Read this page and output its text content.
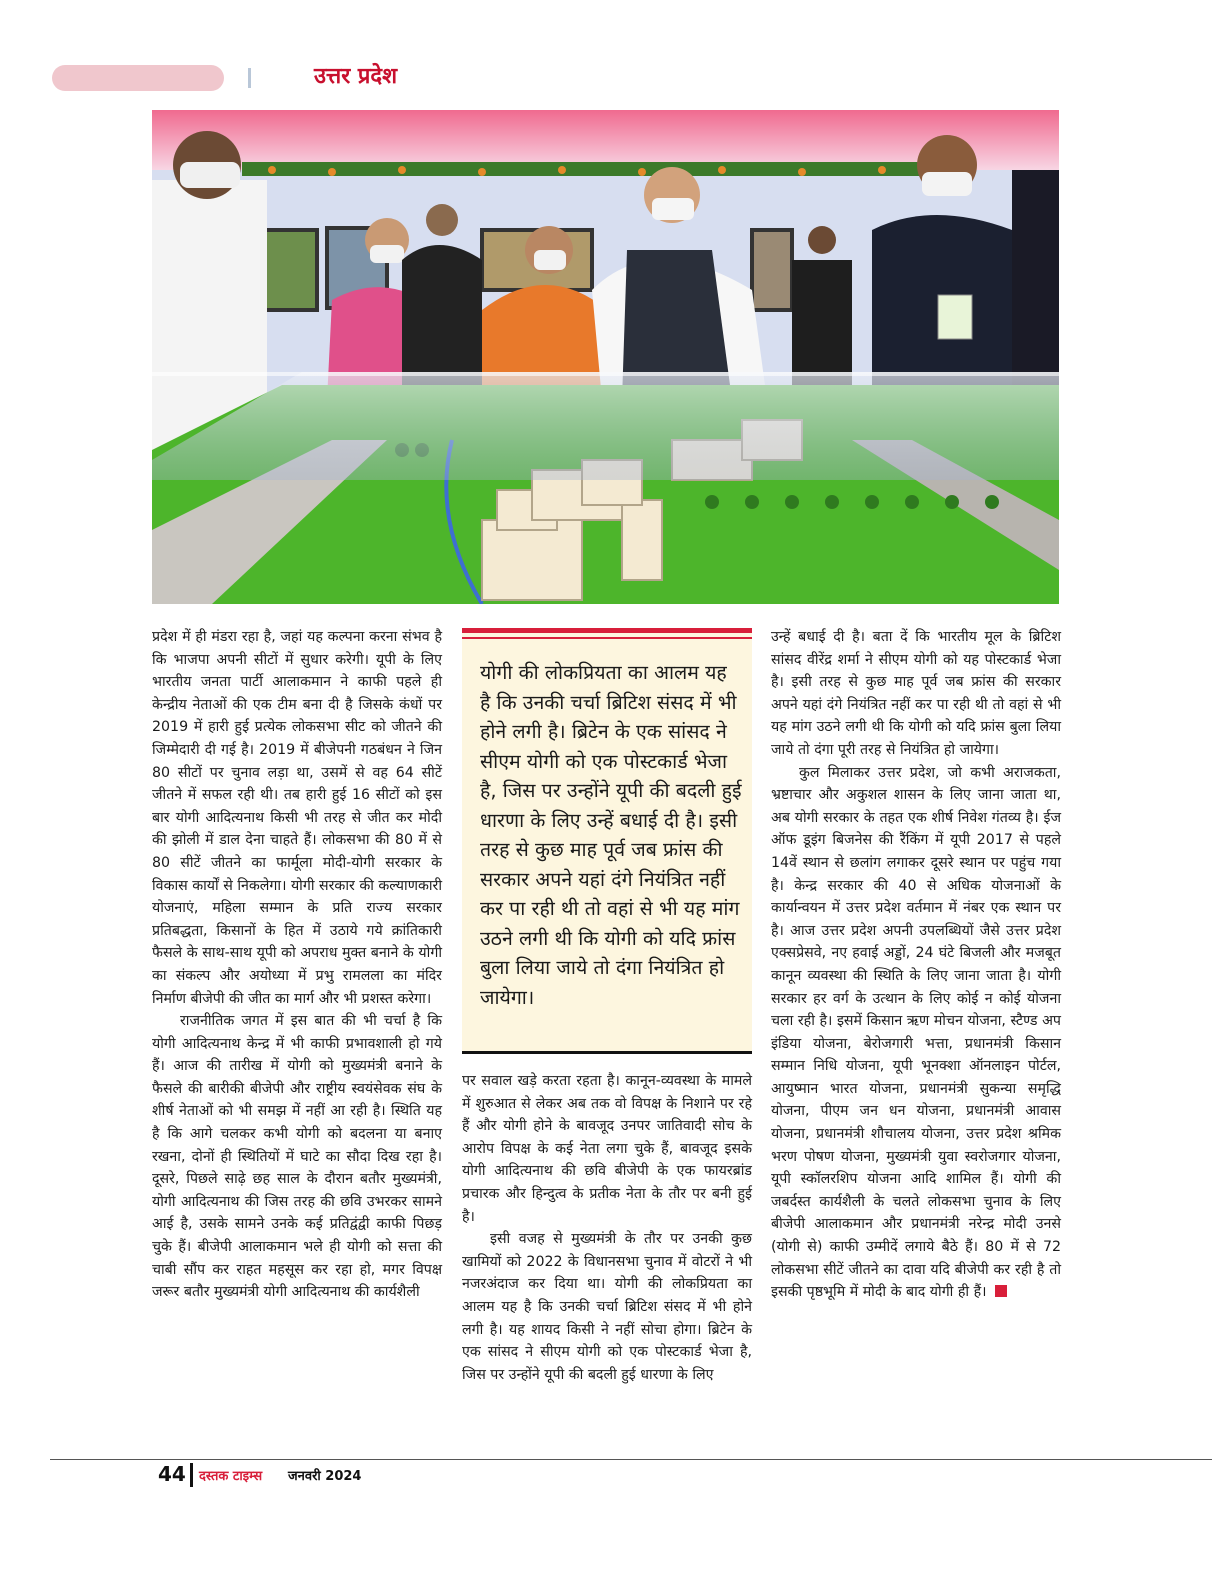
उत्तर प्रदेश

प्रदेश में ही मंडरा रहा है, जहां यह कल्पना करना संभव है कि भाजपा अपनी सीटों में सुधार करेगी। यूपी के लिए भारतीय जनता पार्टी आलाकमान ने काफी पहले ही केन्द्रीय नेताओं की एक टीम बना दी है जिसके कंधों पर 2019 में हारी हुई प्रत्येक लोकसभा सीट को जीतने की जिम्मेदारी दी गई है। 2019 में बीजेपनी गठबंधन ने जिन 80 सीटों पर चुनाव लड़ा था, उसमें से वह 64 सीटें जीतने में सफल रही थी। तब हारी हुई 16 सीटों को इस बार योगी आदित्यनाथ किसी भी तरह से जीत कर मोदी की झोली में डाल देना चाहते हैं। लोकसभा की 80 में से 80 सीटें जीतने का फार्मूला मोदी-योगी सरकार के विकास कार्यों से निकलेगा। योगी सरकार की कल्याणकारी योजनाएं, महिला सम्मान के प्रति राज्य सरकार प्रतिबद्धता, किसानों के हित में उठाये गये क्रांतिकारी फैसले के साथ-साथ यूपी को अपराध मुक्त बनाने के योगी का संकल्प और अयोध्या में प्रभु रामलला का मंदिर निर्माण बीजेपी की जीत का मार्ग और भी प्रशस्त करेगा।

राजनीतिक जगत में इस बात की भी चर्चा है कि योगी आदित्यनाथ केन्द्र में भी काफी प्रभावशाली हो गये हैं। आज की तारीख में योगी को मुख्यमंत्री बनाने के फैसले की बारीकी बीजेपी और राष्ट्रीय स्वयंसेवक संघ के शीर्ष नेताओं को भी समझ में नहीं आ रही है। स्थिति यह है कि आगे चलकर कभी योगी को बदलना या बनाए रखना, दोनों ही स्थितियों में घाटे का सौदा दिख रहा है। दूसरे, पिछले साढ़े छह साल के दौरान बतौर मुख्यमंत्री, योगी आदित्यनाथ की जिस तरह की छवि उभरकर सामने आई है, उसके सामने उनके कई प्रतिद्वंद्वी काफी पिछड़ चुके हैं। बीजेपी आलाकमान भले ही योगी को सत्ता की चाबी सौंप कर राहत महसूस कर रहा हो, मगर विपक्ष जरूर बतौर मुख्यमंत्री योगी आदित्यनाथ की कार्यशैली

योगी की लोकप्रियता का आलम यह है कि उनकी चर्चा ब्रिटिश संसद में भी होने लगी है। ब्रिटेन के एक सांसद ने सीएम योगी को एक पोस्टकार्ड भेजा है, जिस पर उन्होंने यूपी की बदली हुई धारणा के लिए उन्हें बधाई दी है। इसी तरह से कुछ माह पूर्व जब फ्रांस की सरकार अपने यहां दंगे नियंत्रित नहीं कर पा रही थी तो वहां से भी यह मांग उठने लगी थी कि योगी को यदि फ्रांस बुला लिया जाये तो दंगा नियंत्रित हो जायेगा।

पर सवाल खड़े करता रहता है। कानून-व्यवस्था के मामले में शुरुआत से लेकर अब तक वो विपक्ष के निशाने पर रहे हैं और योगी होने के बावजूद उनपर जातिवादी सोच के आरोप विपक्ष के कई नेता लगा चुके हैं, बावजूद इसके योगी आदित्यनाथ की छवि बीजेपी के एक फायरब्रांड प्रचारक और हिन्दुत्व के प्रतीक नेता के तौर पर बनी हुई है।

इसी वजह से मुख्यमंत्री के तौर पर उनकी कुछ खामियों को 2022 के विधानसभा चुनाव में वोटरों ने भी नजरअंदाज कर दिया था। योगी की लोकप्रियता का आलम यह है कि उनकी चर्चा ब्रिटिश संसद में भी होने लगी है। यह शायद किसी ने नहीं सोचा होगा। ब्रिटेन के एक सांसद ने सीएम योगी को एक पोस्टकार्ड भेजा है, जिस पर उन्होंने यूपी की बदली हुई धारणा के लिए

उन्हें बधाई दी है। बता दें कि भारतीय मूल के ब्रिटिश सांसद वीरेंद्र शर्मा ने सीएम योगी को यह पोस्टकार्ड भेजा है। इसी तरह से कुछ माह पूर्व जब फ्रांस की सरकार अपने यहां दंगे नियंत्रित नहीं कर पा रही थी तो वहां से भी यह मांग उठने लगी थी कि योगी को यदि फ्रांस बुला लिया जाये तो दंगा पूरी तरह से नियंत्रित हो जायेगा।

कुल मिलाकर उत्तर प्रदेश, जो कभी अराजकता, भ्रष्टाचार और अकुशल शासन के लिए जाना जाता था, अब योगी सरकार के तहत एक शीर्ष निवेश गंतव्य है। ईज ऑफ डूइंग बिजनेस की रैंकिंग में यूपी 2017 से पहले 14वें स्थान से छलांग लगाकर दूसरे स्थान पर पहुंच गया है। केन्द्र सरकार की 40 से अधिक योजनाओं के कार्यान्वयन में उत्तर प्रदेश वर्तमान में नंबर एक स्थान पर है। आज उत्तर प्रदेश अपनी उपलब्धियों जैसे उत्तर प्रदेश एक्सप्रेसवे, नए हवाई अड्डों, 24 घंटे बिजली और मजबूत कानून व्यवस्था की स्थिति के लिए जाना जाता है। योगी सरकार हर वर्ग के उत्थान के लिए कोई न कोई योजना चला रही है। इसमें किसान ऋण मोचन योजना, स्टैण्ड अप इंडिया योजना, बेरोजगारी भत्ता, प्रधानमंत्री किसान सम्मान निधि योजना, यूपी भूनक्शा ऑनलाइन पोर्टल, आयुष्मान भारत योजना, प्रधानमंत्री सुकन्या समृद्धि योजना, पीएम जन धन योजना, प्रधानमंत्री आवास योजना, प्रधानमंत्री शौचालय योजना, उत्तर प्रदेश श्रमिक भरण पोषण योजना, मुख्यमंत्री युवा स्वरोजगार योजना, यूपी स्कॉलरशिप योजना आदि शामिल हैं। योगी की जबर्दस्त कार्यशैली के चलते लोकसभा चुनाव के लिए बीजेपी आलाकमान और प्रधानमंत्री नरेन्द्र मोदी उनसे (योगी से) काफी उम्मीदें लगाये बैठे हैं। 80 में से 72 लोकसभा सीटें जीतने का दावा यदि बीजेपी कर रही है तो इसकी पृष्ठभूमि में मोदी के बाद योगी ही हैं।

44 दस्तक टाइम्स जनवरी 2024
